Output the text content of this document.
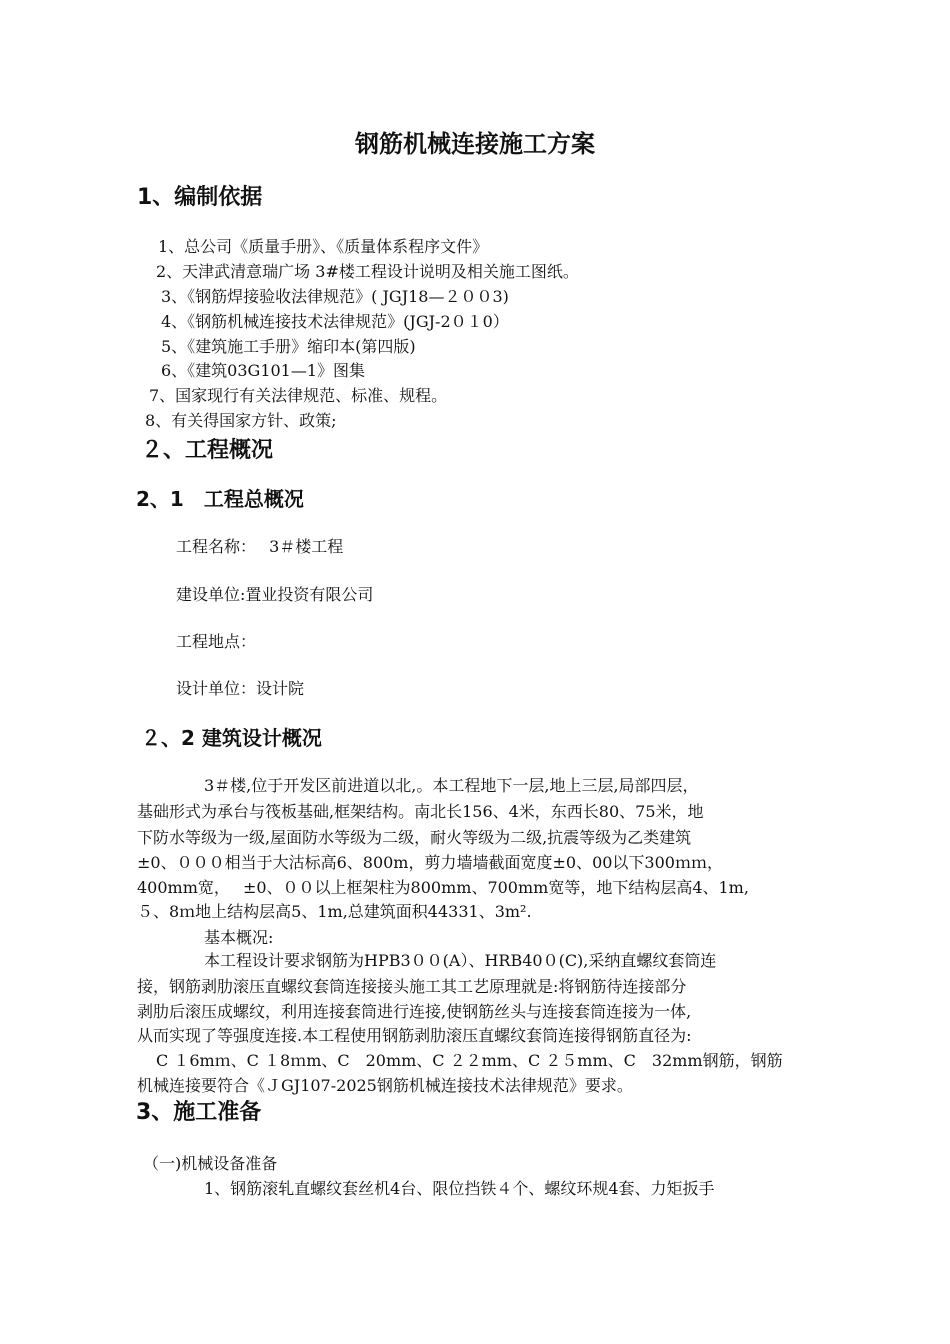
钢筋机械连接施工方案
1、编制依据
1、总公司《质量手册》、《质量体系程序文件》
2、天津武清意瑞广场 3#楼工程设计说明及相关施工图纸。
3、《钢筋焊接验收法律规范》( JGJ18—２００3)
4、《钢筋机械连接技术法律规范》(JGJ-2０１0）
5、《建筑施工手册》缩印本(第四版)
6、《建筑03G101—1》图集
7、国家现行有关法律规范、标准、规程。
8、有关得国家方针、政策;
２、工程概况
2、1　工程总概况
工程名称：　 3＃楼工程
建设单位:置业投资有限公司
工程地点：
设计单位：设计院
２、2 建筑设计概况
3＃楼,位于开发区前进道以北,。本工程地下一层,地上三层,局部四层，
基础形式为承台与筏板基础,框架结构。南北长156、4米，东西长80、75米，地
下防水等级为一级,屋面防水等级为二级，耐火等级为二级,抗震等级为乙类建筑
±0、０００相当于大沽标高6、800m，剪力墙墙截面宽度±0、00以下300ｍｍ，
400mm宽，　 ±0、００以上框架柱为800mm、700mm宽等，地下结构层高4、1m,
５、8ｍ地上结构层高5、1m,总建筑面积44331、3m².
基本概况:
本工程设计要求钢筋为HPB3００(A）、HRB40０(C),采纳直螺纹套筒连
接，钢筋剥肋滚压直螺纹套筒连接接头施工其工艺原理就是:将钢筋待连接部分
剥肋后滚压成螺纹，利用连接套筒进行连接,使钢筋丝头与连接套筒连接为一体,
从而实现了等强度连接.本工程使用钢筋剥肋滚压直螺纹套筒连接得钢筋直径为:
C １6mｍ、C １8ｍm、C　20mm、C ２２mm、C ２５mm、C　32mm钢筋，钢筋
机械连接要符合《ＪGJ107-2025钢筋机械连接技术法律规范》要求。
3、施工准备
（一)机械设备准备
1、钢筋滚轧直螺纹套丝机4台、限位挡铁４个、螺纹环规4套、力矩扳手
